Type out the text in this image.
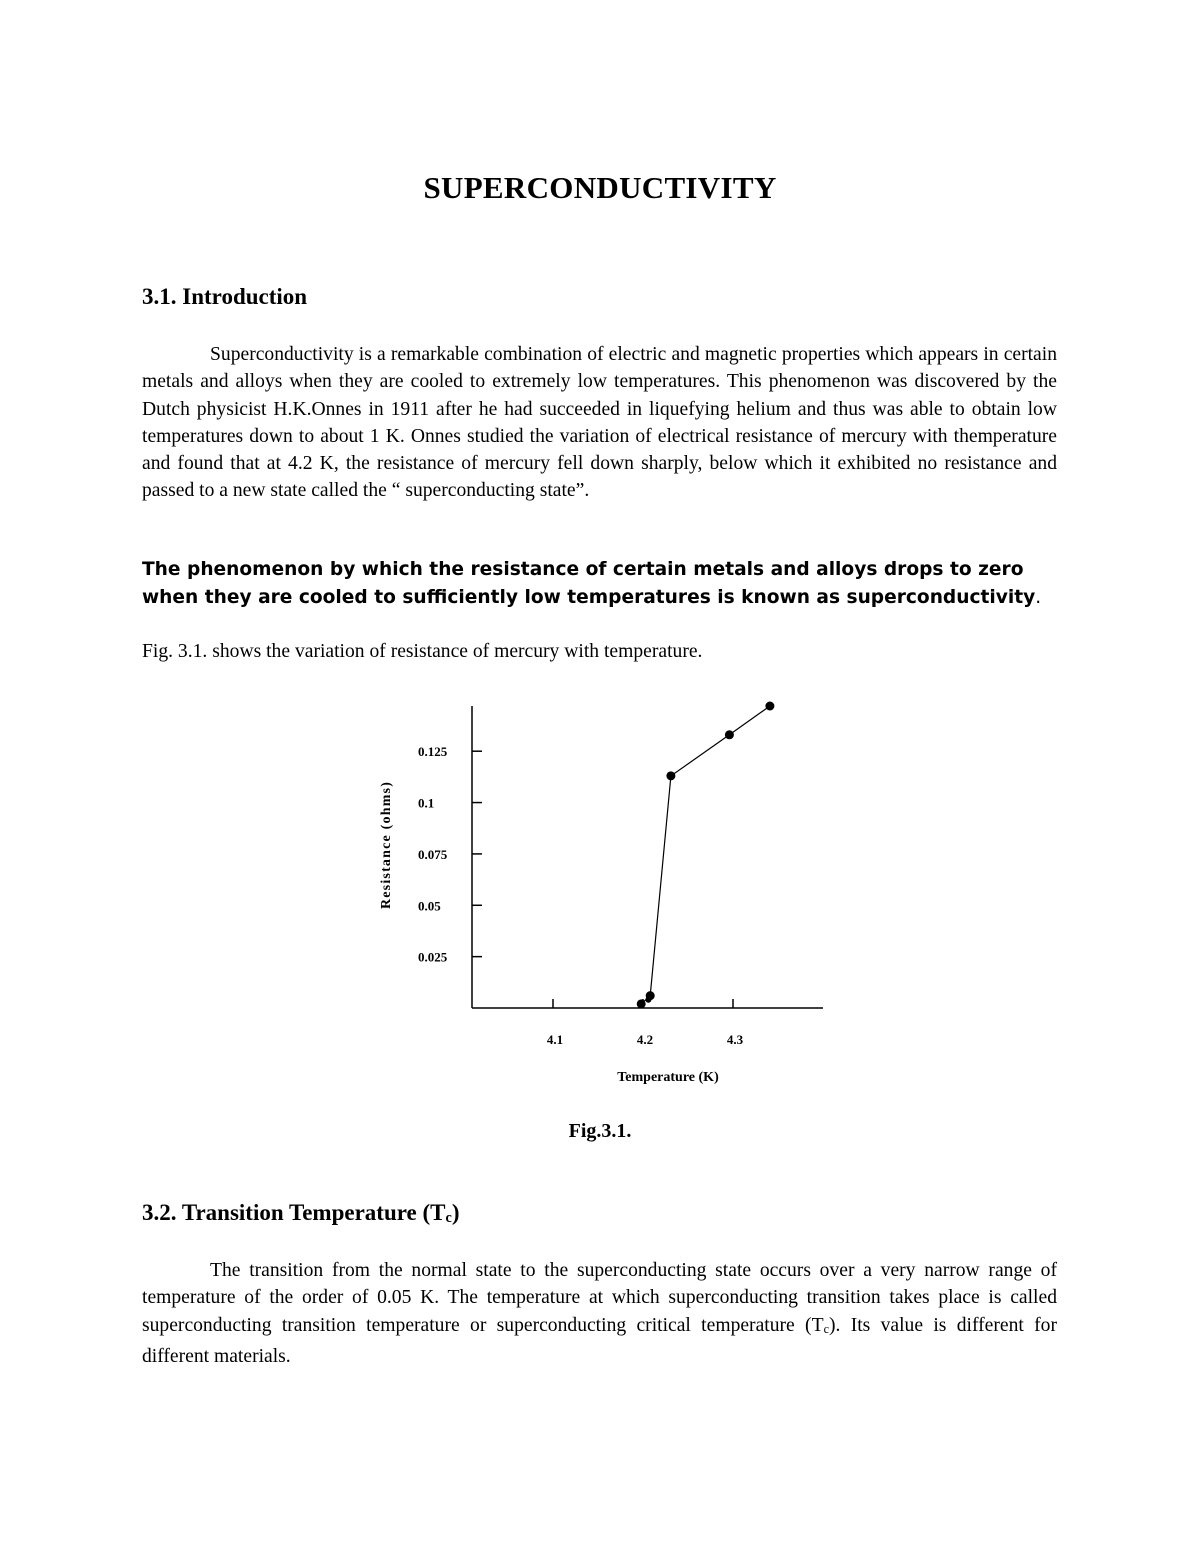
SUPERCONDUCTIVITY
3.1. Introduction

Superconductivity is a remarkable combination of electric and magnetic properties which appears in certain metals and alloys when they are cooled to extremely low temperatures. This phenomenon was discovered by the Dutch physicist H.K.Onnes in 1911 after he had succeeded in liquefying helium and thus was able to obtain low temperatures down to about 1 K. Onnes studied the variation of electrical resistance of mercury with themperature and found that at 4.2 K, the resistance of mercury fell down sharply, below which it exhibited no resistance and passed to a new state called the “ superconducting state”.

The phenomenon by which the resistance of certain metals and alloys drops to zero when they are cooled to sufficiently low temperatures is known as superconductivity.

Fig. 3.1. shows the variation of resistance of mercury with temperature.

0.025
0.05
0.075
0.1
0.125
4.1	4.2	4.3
Resistance (ohms)
Temperature (K)
Fig.3.1.
3.2. Transition Temperature $(T_c)$

The transition from the normal state to the superconducting state occurs over a very narrow range of temperature of the order of 0.05 K. The temperature at which superconducting transition takes place is called superconducting transition temperature or superconducting critical temperature $(T_c)$. Its value is different for different materials.
